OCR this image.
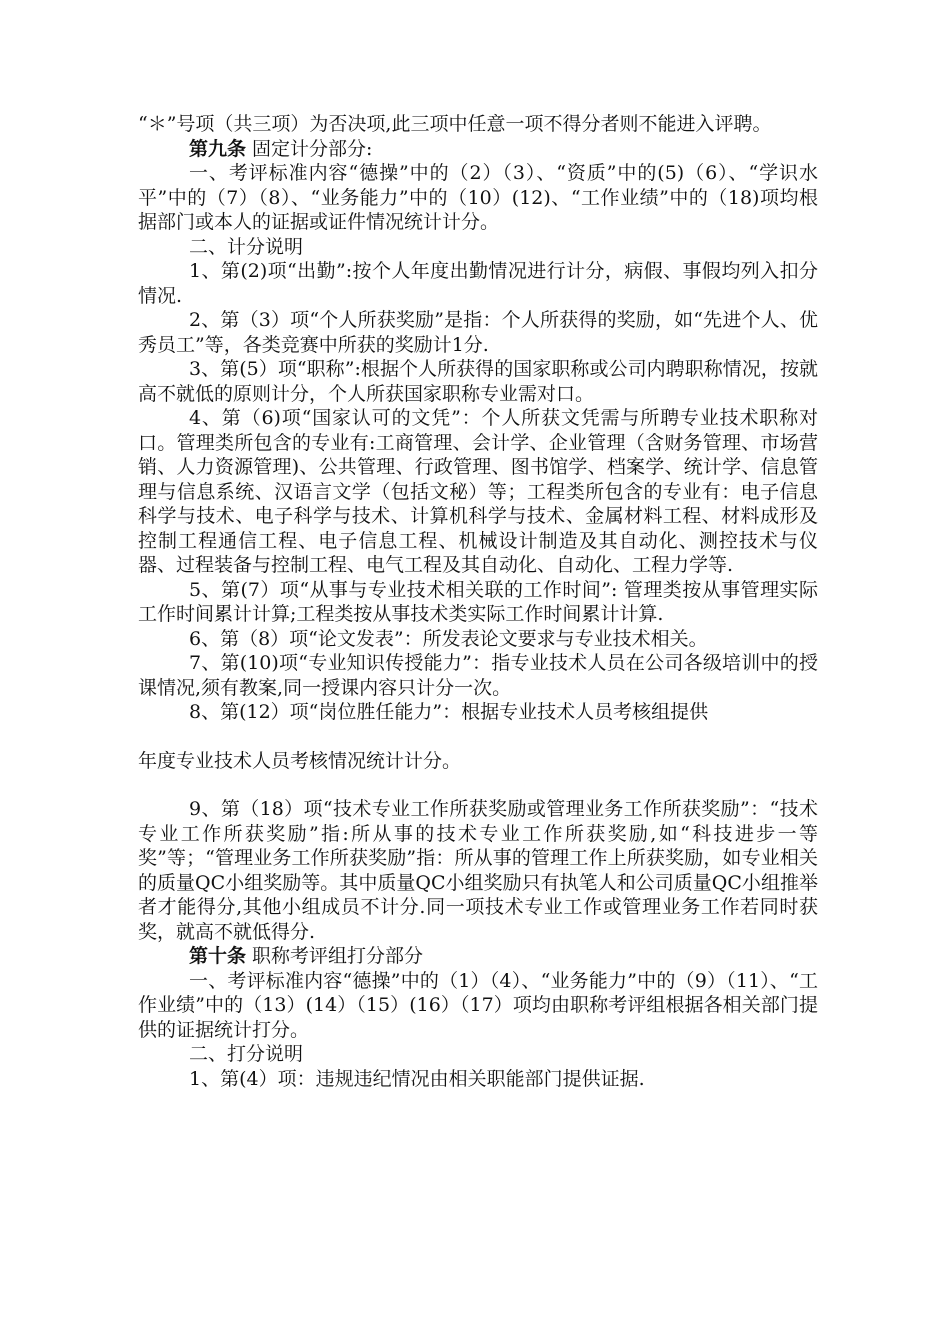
“＊”号项（共三项）为否决项,此三项中任意一项不得分者则不能进入评聘。

第九条 固定计分部分:

一、考评标准内容“德操”中的（2）（3）、“资质”中的(5)（6）、“学识水平”中的（7）（8）、“业务能力”中的（10）(12)、“工作业绩”中的（18)项均根据部门或本人的证据或证件情况统计计分。

二、计分说明

1、第(2)项“出勤”:按个人年度出勤情况进行计分，病假、事假均列入扣分情况.

2、第（3）项“个人所获奖励”是指：个人所获得的奖励，如“先进个人、优秀员工”等，各类竞赛中所获的奖励计1分.

3、第(5）项“职称”:根据个人所获得的国家职称或公司内聘职称情况，按就高不就低的原则计分，个人所获国家职称专业需对口。

4、第（6)项“国家认可的文凭”：个人所获文凭需与所聘专业技术职称对口。管理类所包含的专业有:工商管理、会计学、企业管理（含财务管理、市场营销、人力资源管理)、公共管理、行政管理、图书馆学、档案学、统计学、信息管理与信息系统、汉语言文学（包括文秘）等；工程类所包含的专业有：电子信息科学与技术、电子科学与技术、计算机科学与技术、金属材料工程、材料成形及控制工程通信工程、电子信息工程、机械设计制造及其自动化、测控技术与仪器、过程装备与控制工程、电气工程及其自动化、自动化、工程力学等.

5、第(7）项“从事与专业技术相关联的工作时间”: 管理类按从事管理实际工作时间累计计算;工程类按从事技术类实际工作时间累计计算.

6、第（8）项“论文发表”：所发表论文要求与专业技术相关。

7、第(10)项“专业知识传授能力”：指专业技术人员在公司各级培训中的授课情况,须有教案,同一授课内容只计分一次。

8、第(12）项“岗位胜任能力”：根据专业技术人员考核组提供

年度专业技术人员考核情况统计计分。

9、第（18）项“技术专业工作所获奖励或管理业务工作所获奖励”：“技术专业工作所获奖励”指:所从事的技术专业工作所获奖励,如“科技进步一等奖”等；“管理业务工作所获奖励”指：所从事的管理工作上所获奖励，如专业相关的质量QC小组奖励等。其中质量QC小组奖励只有执笔人和公司质量QC小组推举者才能得分,其他小组成员不计分.同一项技术专业工作或管理业务工作若同时获奖，就高不就低得分.

第十条 职称考评组打分部分

一、考评标准内容“德操”中的（1）（4）、“业务能力”中的（9）（11）、“工作业绩”中的（13）(14）（15）(16）（17）项均由职称考评组根据各相关部门提供的证据统计打分。

二、打分说明

1、第(4）项：违规违纪情况由相关职能部门提供证据.
